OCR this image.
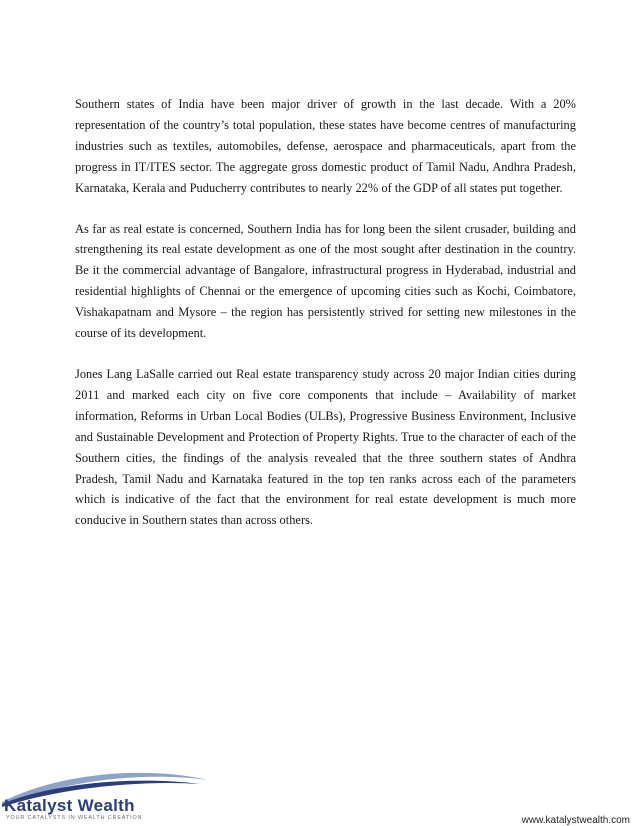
Southern states of India have been major driver of growth in the last decade. With a 20% representation of the country’s total population, these states have become centres of manufacturing industries such as textiles, automobiles, defense, aerospace and pharmaceuticals, apart from the progress in IT/ITES sector. The aggregate gross domestic product of Tamil Nadu, Andhra Pradesh, Karnataka, Kerala and Puducherry contributes to nearly 22% of the GDP of all states put together.

As far as real estate is concerned, Southern India has for long been the silent crusader, building and strengthening its real estate development as one of the most sought after destination in the country. Be it the commercial advantage of Bangalore, infrastructural progress in Hyderabad, industrial and residential highlights of Chennai or the emergence of upcoming cities such as Kochi, Coimbatore, Vishakapatnam and Mysore – the region has persistently strived for setting new milestones in the course of its development.

Jones Lang LaSalle carried out Real estate transparency study across 20 major Indian cities during 2011 and marked each city on five core components that include – Availability of market information, Reforms in Urban Local Bodies (ULBs), Progressive Business Environment, Inclusive and Sustainable Development and Protection of Property Rights. True to the character of each of the Southern cities, the findings of the analysis revealed that the three southern states of Andhra Pradesh, Tamil Nadu and Karnataka featured in the top ten ranks across each of the parameters which is indicative of the fact that the environment for real estate development is much more conducive in Southern states than across others.

Katalyst Wealth
YOUR CATALYSTS IN WEALTH CREATION	www.katalystwealth.com
